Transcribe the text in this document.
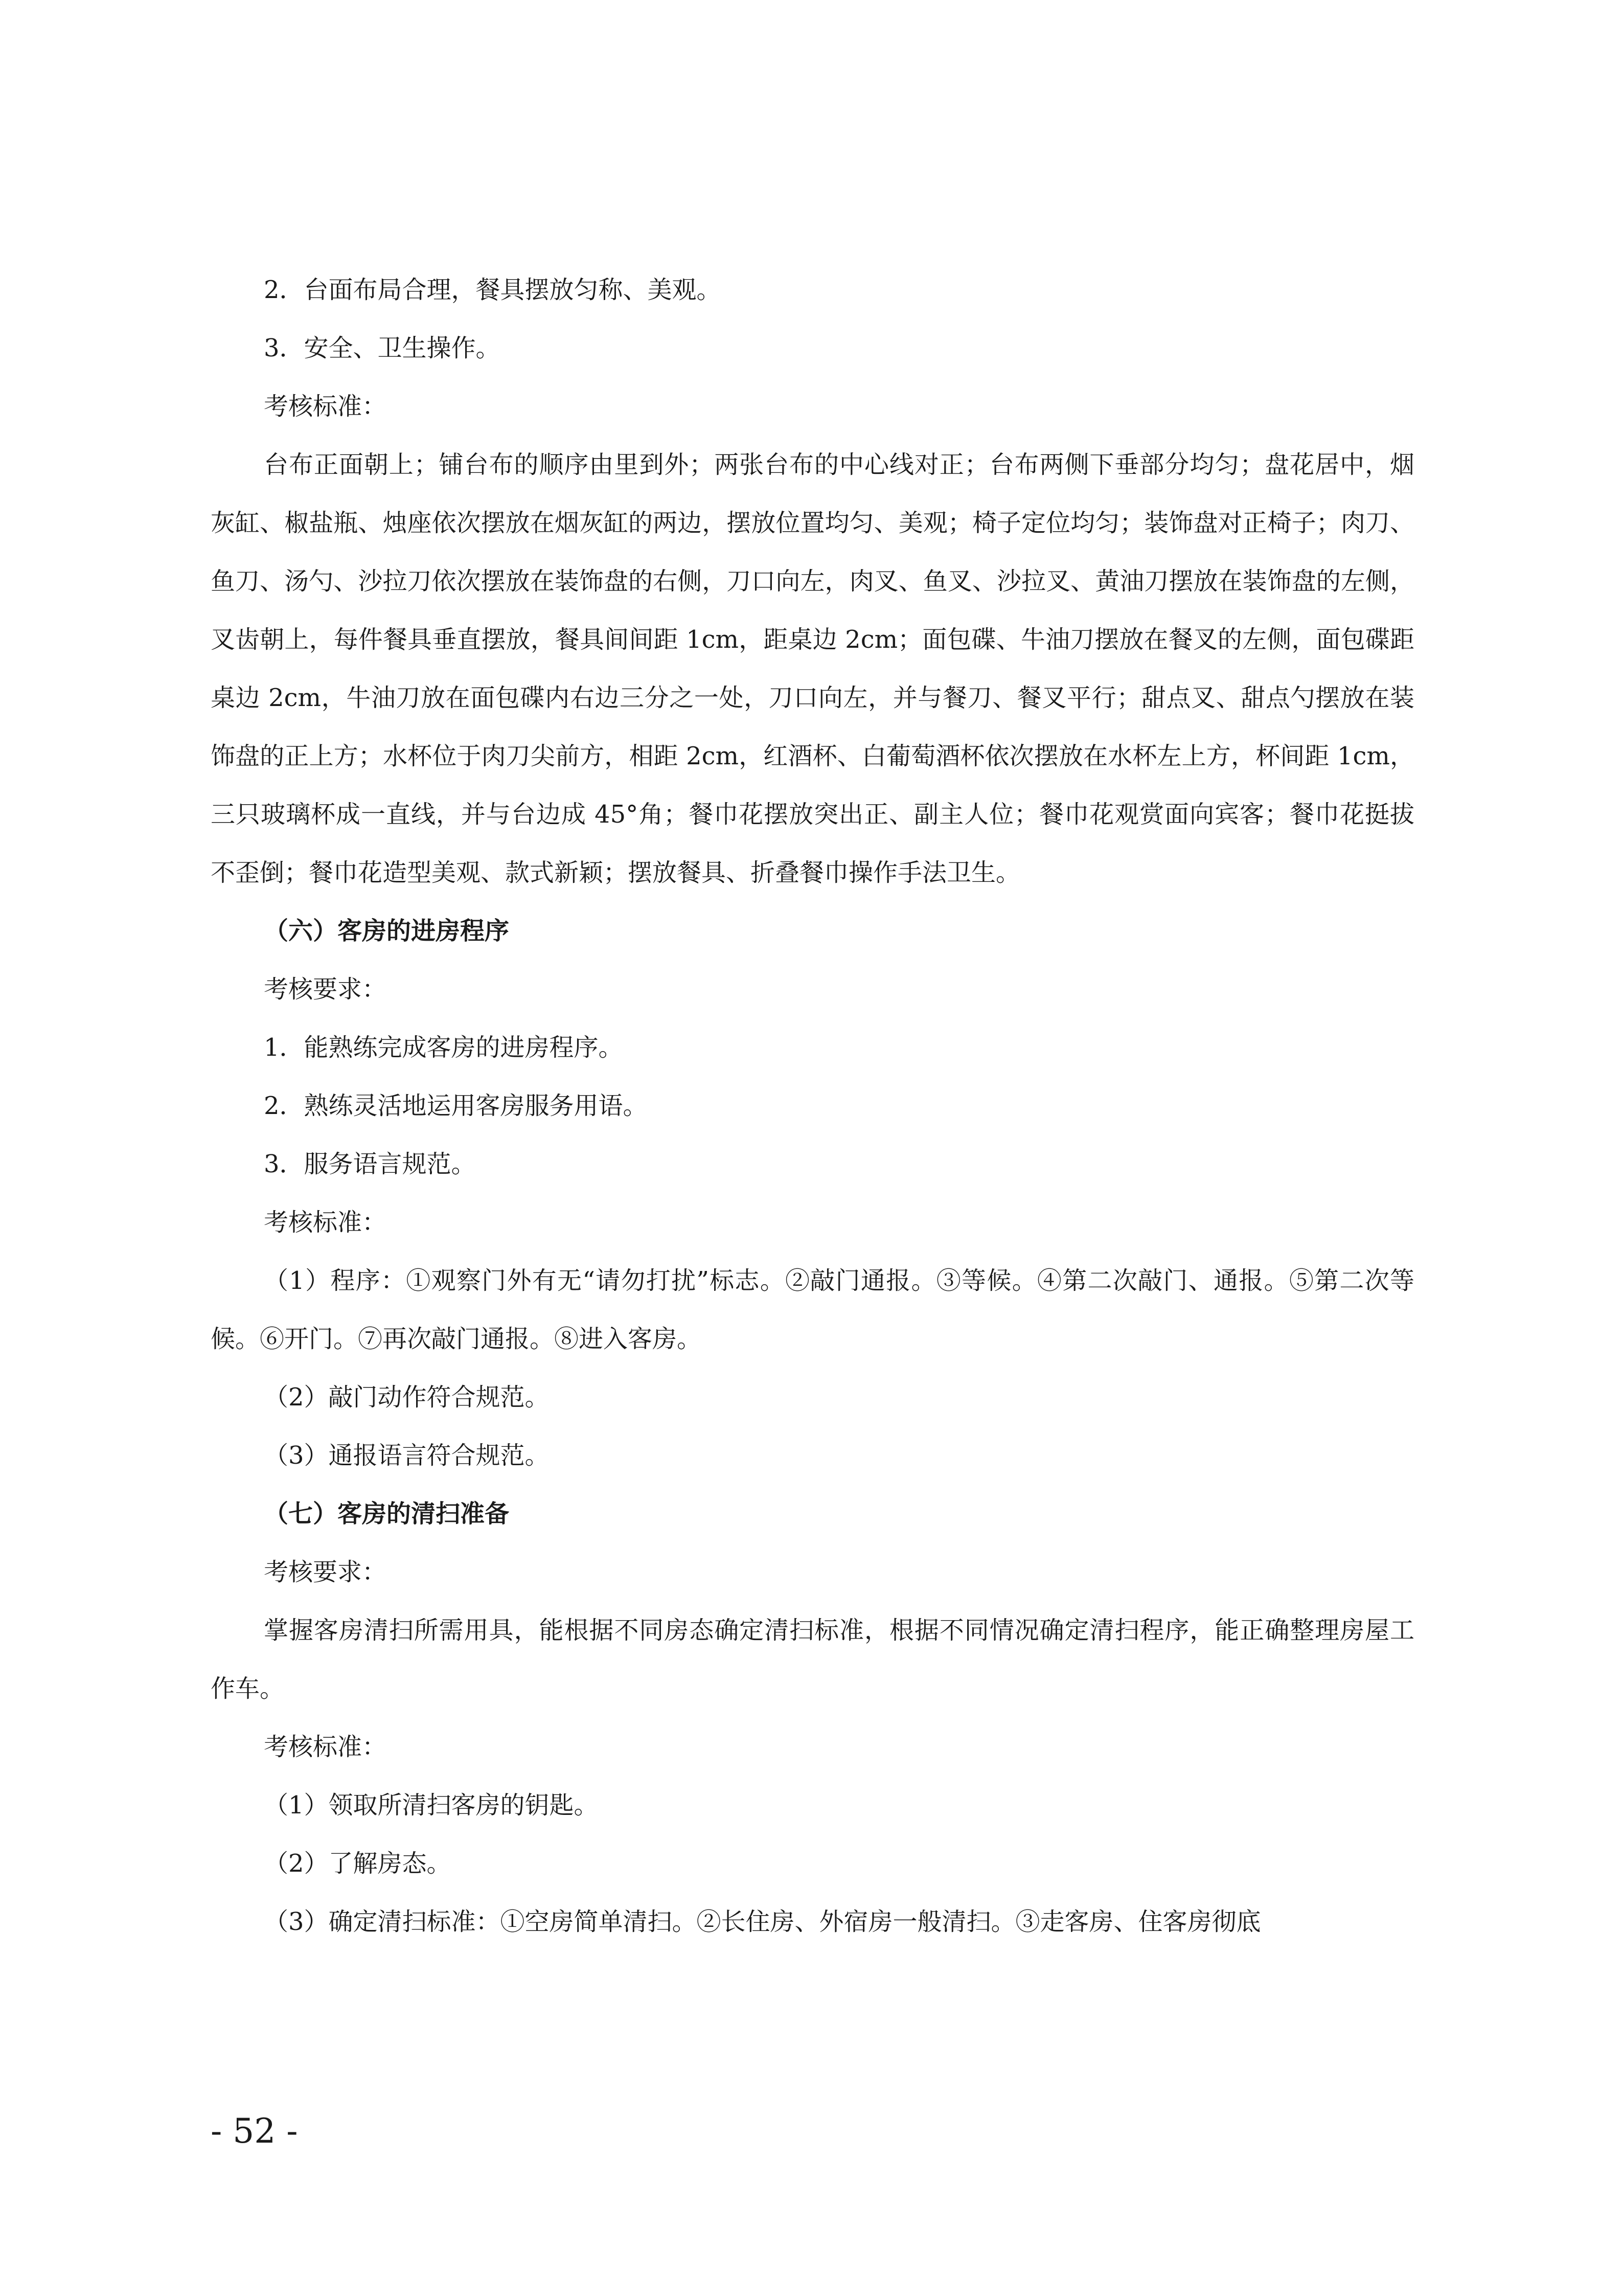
2．台面布局合理，餐具摆放匀称、美观。

3．安全、卫生操作。

考核标准：

台布正面朝上；铺台布的顺序由里到外；两张台布的中心线对正；台布两侧下垂部分均匀；盘花居中，烟灰缸、椒盐瓶、烛座依次摆放在烟灰缸的两边，摆放位置均匀、美观；椅子定位均匀；装饰盘对正椅子；肉刀、鱼刀、汤勺、沙拉刀依次摆放在装饰盘的右侧，刀口向左，肉叉、鱼叉、沙拉叉、黄油刀摆放在装饰盘的左侧，叉齿朝上，每件餐具垂直摆放，餐具间间距 1cm，距桌边 2cm；面包碟、牛油刀摆放在餐叉的左侧，面包碟距桌边 2cm，牛油刀放在面包碟内右边三分之一处，刀口向左，并与餐刀、餐叉平行；甜点叉、甜点勺摆放在装饰盘的正上方；水杯位于肉刀尖前方，相距 2cm，红酒杯、白葡萄酒杯依次摆放在水杯左上方，杯间距 1cm，三只玻璃杯成一直线，并与台边成 45°角；餐巾花摆放突出正、副主人位；餐巾花观赏面向宾客；餐巾花挺拔不歪倒；餐巾花造型美观、款式新颖；摆放餐具、折叠餐巾操作手法卫生。

（六）客房的进房程序

考核要求：

1．能熟练完成客房的进房程序。

2．熟练灵活地运用客房服务用语。

3．服务语言规范。

考核标准：

（1）程序：①观察门外有无“请勿打扰”标志。②敲门通报。③等候。④第二次敲门、通报。⑤第二次等候。⑥开门。⑦再次敲门通报。⑧进入客房。

（2）敲门动作符合规范。

（3）通报语言符合规范。

（七）客房的清扫准备

考核要求：

掌握客房清扫所需用具，能根据不同房态确定清扫标准，根据不同情况确定清扫程序，能正确整理房屋工作车。

考核标准：

（1）领取所清扫客房的钥匙。

（2）了解房态。

（3）确定清扫标准：①空房简单清扫。②长住房、外宿房一般清扫。③走客房、住客房彻底

- 52 -
